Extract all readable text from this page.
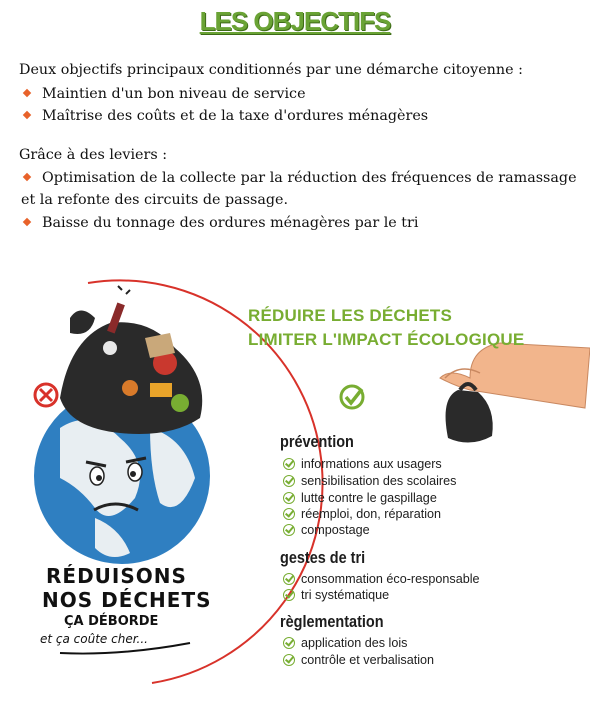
LES OBJECTIFS
Deux objectifs principaux conditionnés par une démarche citoyenne :
Maintien d'un bon niveau de service
Maîtrise des coûts et de la taxe d'ordures ménagères
Grâce à des leviers :
Optimisation de la collecte par la réduction des fréquences de ramassage
et la refonte des circuits de passage.
Baisse du tonnage des ordures ménagères par le tri
RÉDUIRE LES DÉCHETS
LIMITER L'IMPACT ÉCOLOGIQUE
prévention
informations aux usagers
sensibilisation des scolaires
lutte contre le gaspillage
réemploi, don, réparation
compostage
gestes de tri
consommation éco-responsable
tri systématique
règlementation
application des lois
contrôle et verbalisation
RÉDUISONS
NOS DÉCHETS
ÇA DÉBORDE
et ça coûte cher...
